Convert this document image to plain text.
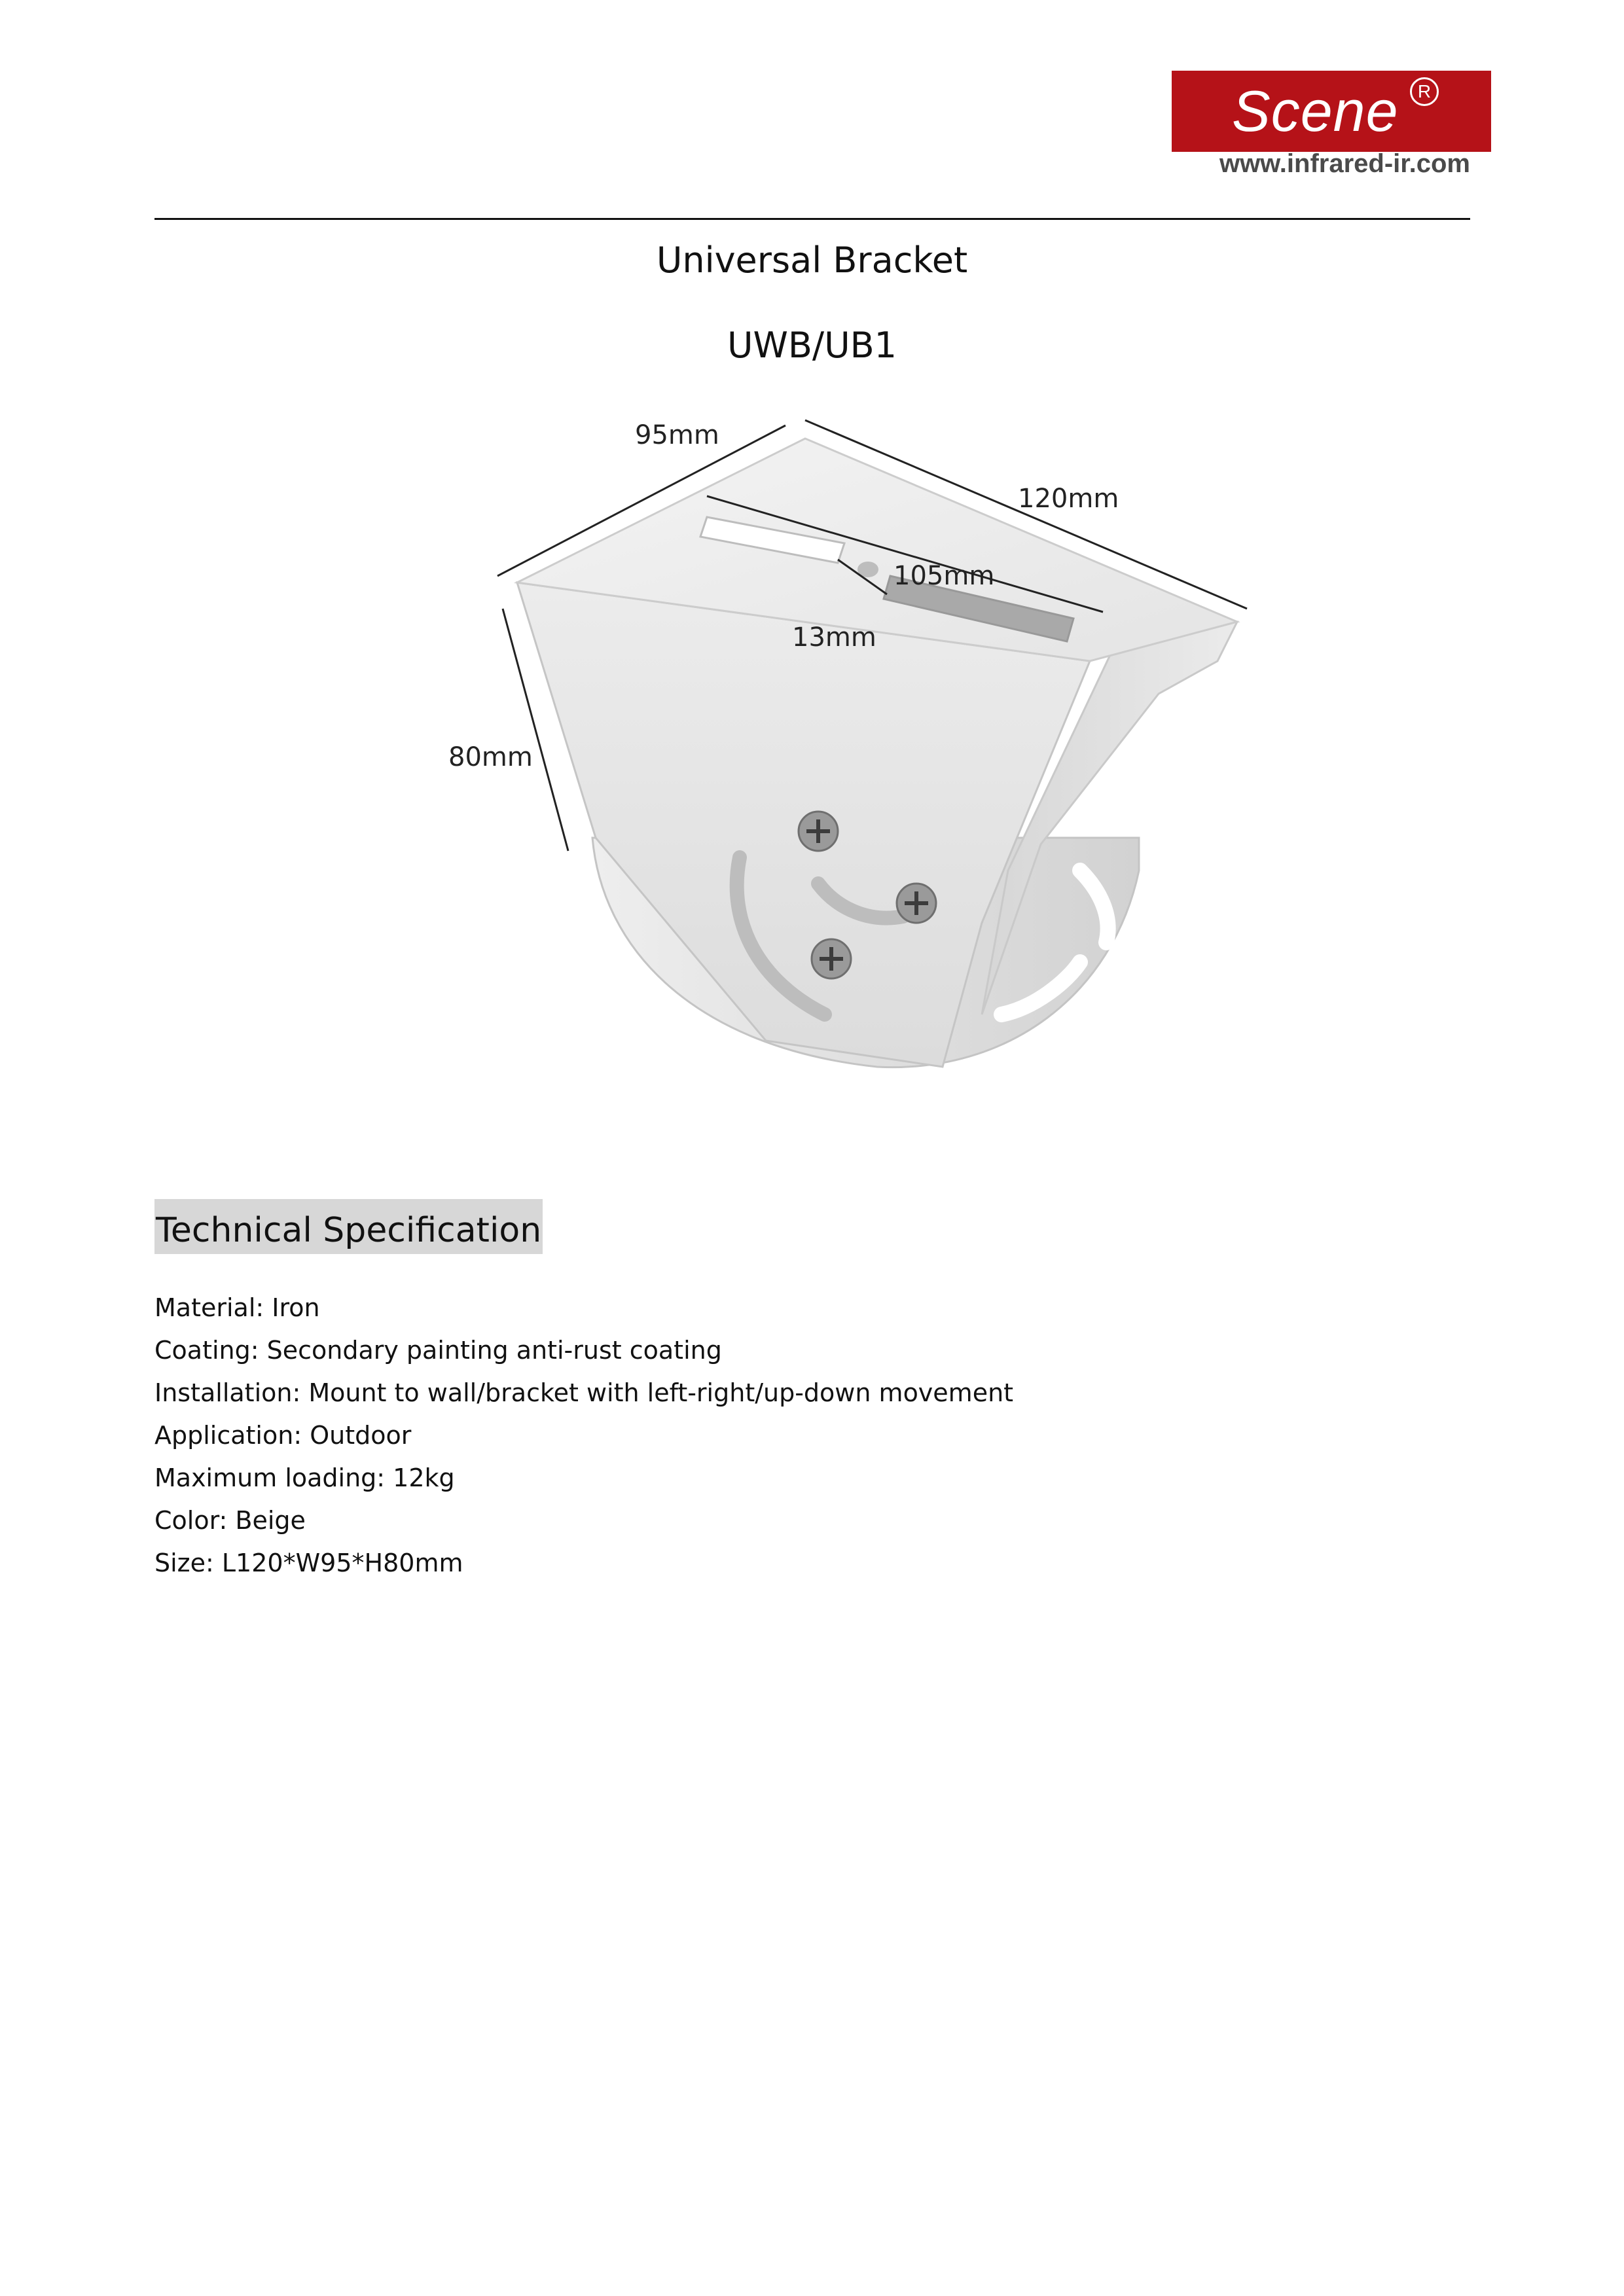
Scene	R
www.infrared-ir.com
Universal Bracket
UWB/UB1
95mm
120mm
105mm
13mm
80mm
Technical Specification
Material: Iron
Coating: Secondary painting anti-rust coating
Installation: Mount to wall/bracket with left-right/up-down movement
Application: Outdoor
Maximum loading: 12kg
Color: Beige
Size: L120*W95*H80mm
